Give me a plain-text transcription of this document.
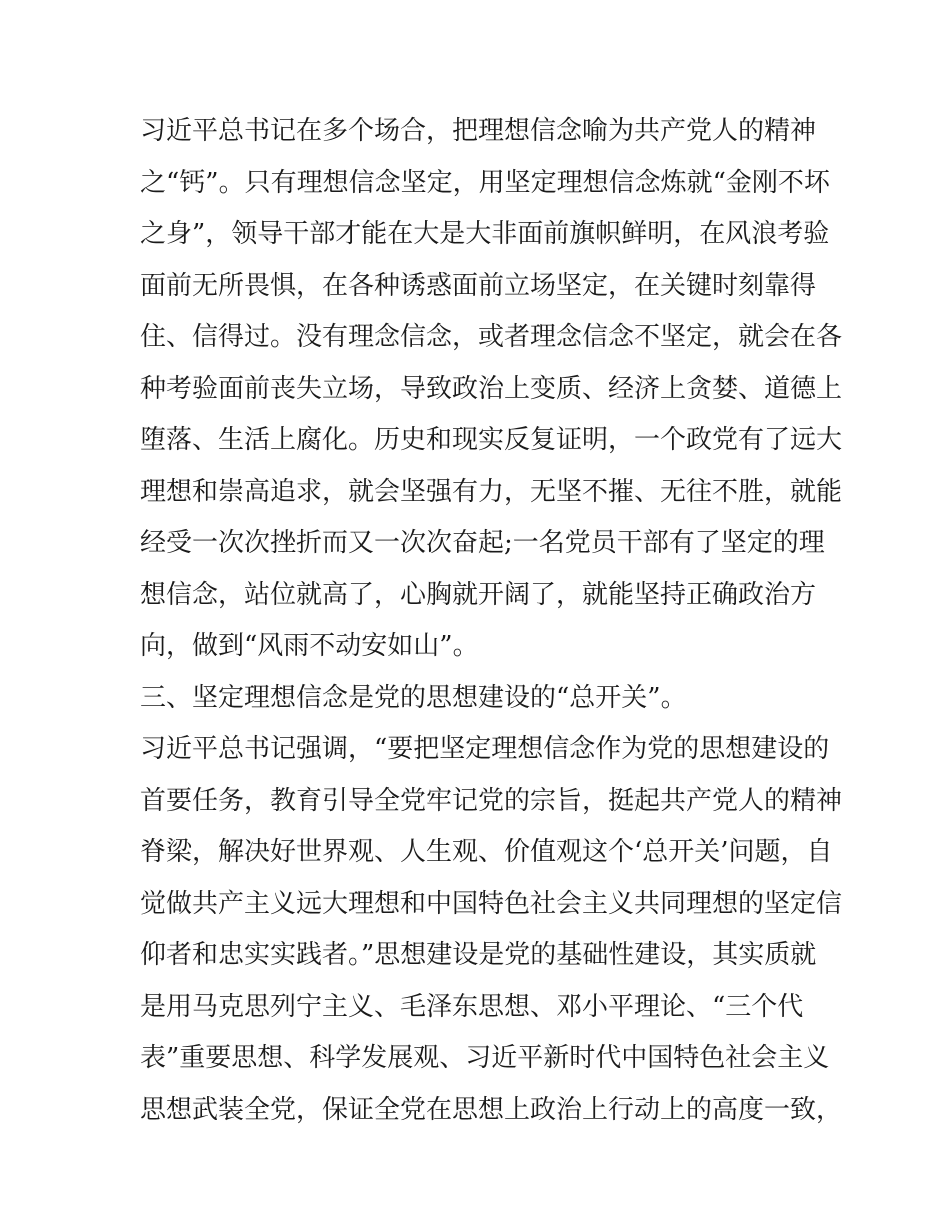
习近平总书记在多个场合，把理想信念喻为共产党人的精神
之“钙”。只有理想信念坚定，用坚定理想信念炼就“金刚不坏
之身”，领导干部才能在大是大非面前旗帜鲜明，在风浪考验
面前无所畏惧，在各种诱惑面前立场坚定，在关键时刻靠得
住、信得过。没有理念信念，或者理念信念不坚定，就会在各
种考验面前丧失立场，导致政治上变质、经济上贪婪、道德上
堕落、生活上腐化。历史和现实反复证明，一个政党有了远大
理想和崇高追求，就会坚强有力，无坚不摧、无往不胜，就能
经受一次次挫折而又一次次奋起;一名党员干部有了坚定的理
想信念，站位就高了，心胸就开阔了，就能坚持正确政治方
向，做到“风雨不动安如山”。
三、坚定理想信念是党的思想建设的“总开关”。
习近平总书记强调，“要把坚定理想信念作为党的思想建设的
首要任务，教育引导全党牢记党的宗旨，挺起共产党人的精神
脊梁，解决好世界观、人生观、价值观这个‘总开关’问题，自
觉做共产主义远大理想和中国特色社会主义共同理想的坚定信
仰者和忠实实践者。”思想建设是党的基础性建设，其实质就
是用马克思列宁主义、毛泽东思想、邓小平理论、“三个代
表”重要思想、科学发展观、习近平新时代中国特色社会主义
思想武装全党，保证全党在思想上政治上行动上的高度一致，
